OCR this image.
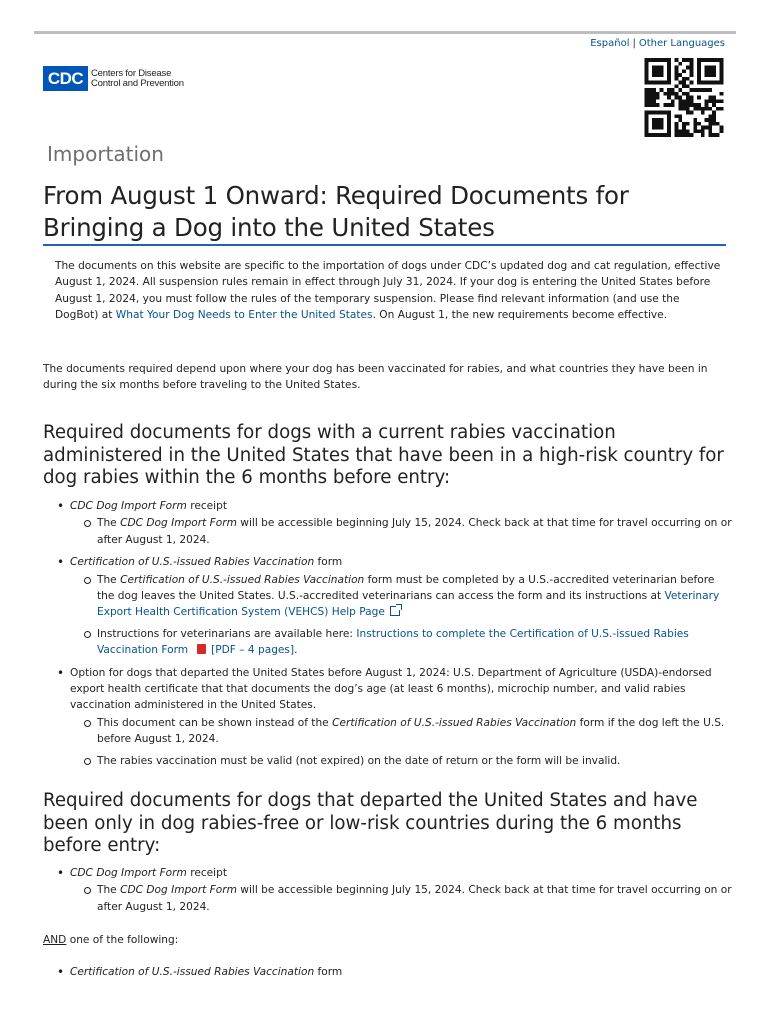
Español | Other Languages
CDC Centers for Disease
Control and Prevention
Importation
From August 1 Onward: Required Documents for Bringing a Dog into the United States

The documents on this website are specific to the importation of dogs under CDC’s updated dog and cat regulation, effective August 1, 2024. All suspension rules remain in effect through July 31, 2024. If your dog is entering the United States before August 1, 2024, you must follow the rules of the temporary suspension. Please find relevant information (and use the DogBot) at What Your Dog Needs to Enter the United States. On August 1, the new requirements become effective.

The documents required depend upon where your dog has been vaccinated for rabies, and what countries they have been in during the six months before traveling to the United States.

Required documents for dogs with a current rabies vaccination administered in the United States that have been in a high-risk country for dog rabies within the 6 months before entry:
• CDC Dog Import Form receipt
The CDC Dog Import Form will be accessible beginning July 15, 2024. Check back at that time for travel occurring on or after August 1, 2024.
• Certification of U.S.-issued Rabies Vaccination form
The Certification of U.S.-issued Rabies Vaccination form must be completed by a U.S.-accredited veterinarian before the dog leaves the United States. U.S.-accredited veterinarians can access the form and its instructions at Veterinary Export Health Certification System (VEHCS) Help Page
Instructions for veterinarians are available here: Instructions to complete the Certification of U.S.-issued Rabies Vaccination Form [PDF – 4 pages].
• Option for dogs that departed the United States before August 1, 2024: U.S. Department of Agriculture (USDA)-endorsed export health certificate that that documents the dog’s age (at least 6 months), microchip number, and valid rabies vaccination administered in the United States.
This document can be shown instead of the Certification of U.S.-issued Rabies Vaccination form if the dog left the U.S. before August 1, 2024.
The rabies vaccination must be valid (not expired) on the date of return or the form will be invalid.
Required documents for dogs that departed the United States and have been only in dog rabies-free or low-risk countries during the 6 months before entry:
• CDC Dog Import Form receipt
The CDC Dog Import Form will be accessible beginning July 15, 2024. Check back at that time for travel occurring on or after August 1, 2024.

AND one of the following:

• Certification of U.S.-issued Rabies Vaccination form
